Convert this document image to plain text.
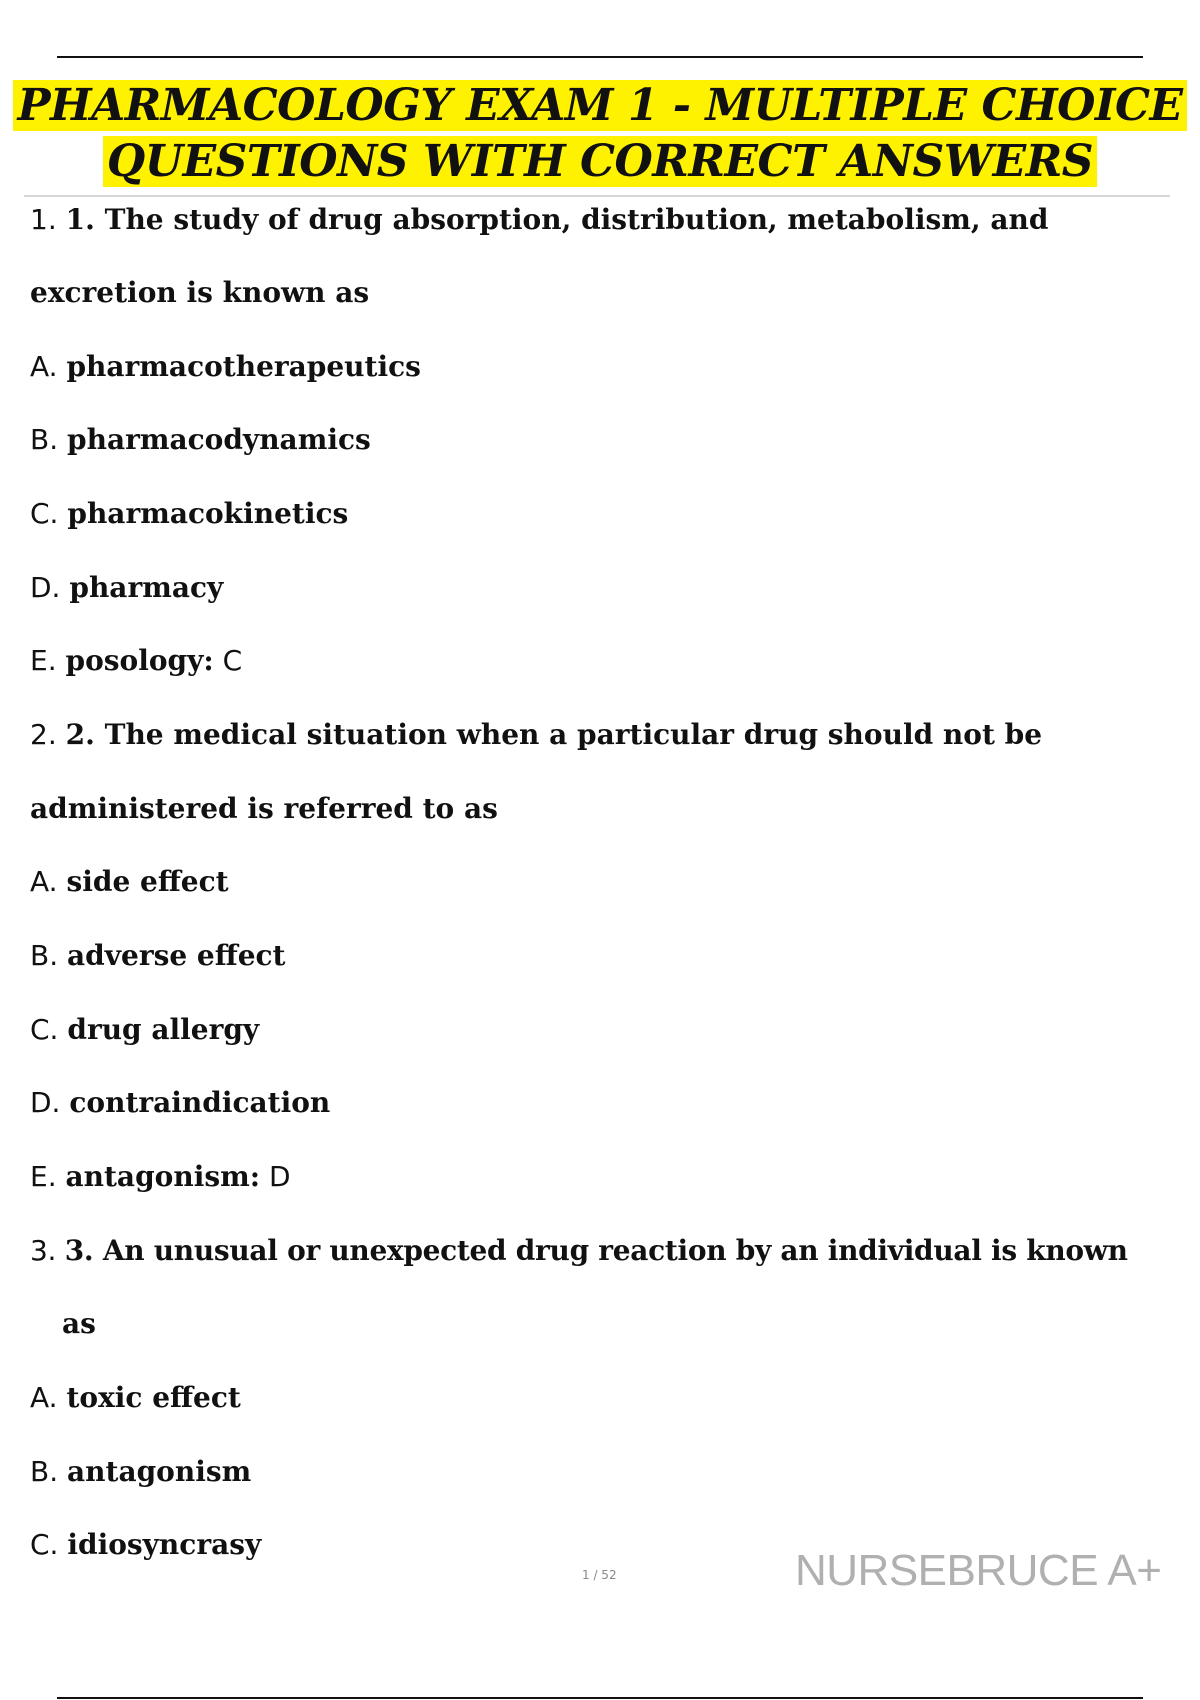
PHARMACOLOGY EXAM 1 - MULTIPLE CHOICE
QUESTIONS WITH CORRECT ANSWERS
1. 1. The study of drug absorption, distribution, metabolism, and
excretion is known as
A. pharmacotherapeutics
B. pharmacodynamics
C. pharmacokinetics
D. pharmacy
E. posology: C
2. 2. The medical situation when a particular drug should not be
administered is referred to as
A. side effect
B. adverse effect
C. drug allergy
D. contraindication
E. antagonism: D
3. 3. An unusual or unexpected drug reaction by an individual is known
as
A. toxic effect
B. antagonism
C. idiosyncrasy
1 / 52	NURSEBRUCE A+
